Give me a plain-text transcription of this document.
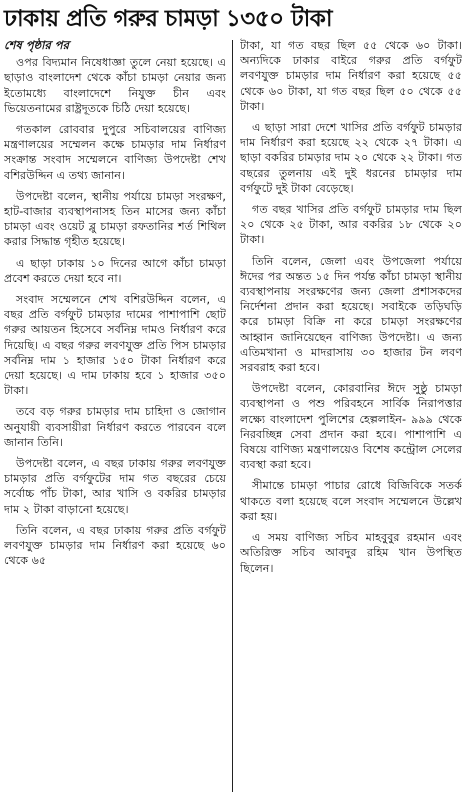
ঢাকায় প্রতি গরুর চামড়া ১৩৫০ টাকা
শেষ পৃষ্ঠার পর

ওপর বিদ্যমান নিষেধাজ্ঞা তুলে নেয়া হয়েছে। এ ছাড়াও বাংলাদেশ থেকে কাঁচা চামড়া নেয়ার জন্য ইতোমধ্যে বাংলাদেশে নিযুক্ত চীন এবং ভিয়েতনামের রাষ্ট্রদূতকে চিঠি দেয়া হয়েছে।

গতকাল রোববার দুপুরে সচিবালয়ের বাণিজ্য মন্ত্রণালয়ের সম্মেলন কক্ষে চামড়ার দাম নির্ধারণ সংক্রান্ত সংবাদ সম্মেলনে বাণিজ্য উপদেষ্টা শেখ বশিরউদ্দিন এ তথ্য জানান।

উপদেষ্টা বলেন, স্থানীয় পর্যায়ে চামড়া সংরক্ষণ, হাট-বাজার ব্যবস্থাপনাসহ তিন মাসের জন্য কাঁচা চামড়া এবং ওয়েট ব্লু চামড়া রফতানির শর্ত শিথিল করার সিদ্ধান্ত গৃহীত হয়েছে।

এ ছাড়া ঢাকায় ১০ দিনের আগে কাঁচা চামড়া প্রবেশ করতে দেয়া হবে না।

সংবাদ সম্মেলনে শেখ বশিরউদ্দিন বলেন, এ বছর প্রতি বর্গফুট চামড়ার দামের পাশাপাশি ছোট গরুর আয়তন হিসেবে সর্বনিম্ন দামও নির্ধারণ করে দিয়েছি। এ বছর গরুর লবণযুক্ত প্রতি পিস চামড়ার সর্বনিম্ন দাম ১ হাজার ১৫০ টাকা নির্ধারণ করে দেয়া হয়েছে। এ দাম ঢাকায় হবে ১ হাজার ৩৫০ টাকা।

তবে বড় গরুর চামড়ার দাম চাহিদা ও জোগান অনুযায়ী ব্যবসায়ীরা নির্ধারণ করতে পারবেন বলে জানান তিনি।

উপদেষ্টা বলেন, এ বছর ঢাকায় গরুর লবণযুক্ত চামড়ার প্রতি বর্গফুটের দাম গত বছরের চেয়ে সর্বোচ্চ পাঁচ টাকা, আর খাসি ও বকরির চামড়ার দাম ২ টাকা বাড়ানো হয়েছে।

তিনি বলেন, এ বছর ঢাকায় গরুর প্রতি বর্গফুট লবণযুক্ত চামড়ার দাম নির্ধারণ করা হয়েছে ৬০ থেকে ৬৫

টাকা, যা গত বছর ছিল ৫৫ থেকে ৬০ টাকা। অন্যদিকে ঢাকার বাইরে গরুর প্রতি বর্গফুট লবণযুক্ত চামড়ার দাম নির্ধারণ করা হয়েছে ৫৫ থেকে ৬০ টাকা, যা গত বছর ছিল ৫০ থেকে ৫৫ টাকা।

এ ছাড়া সারা দেশে খাসির প্রতি বর্গফুট চামড়ার দাম নির্ধারণ করা হয়েছে ২২ থেকে ২৭ টাকা। এ ছাড়া বকরির চামড়ার দাম ২০ থেকে ২২ টাকা। গত বছরের তুলনায় এই দুই ধরনের চামড়ার দাম বর্গফুটে দুই টাকা বেড়েছে।

গত বছর খাসির প্রতি বর্গফুট চামড়ার দাম ছিল ২০ থেকে ২৫ টাকা, আর বকরির ১৮ থেকে ২০ টাকা।

তিনি বলেন, জেলা এবং উপজেলা পর্যায়ে ঈদের পর অন্তত ১৫ দিন পর্যন্ত কাঁচা চামড়া স্থানীয় ব্যবস্থাপনায় সংরক্ষণের জন্য জেলা প্রশাসকদের নির্দেশনা প্রদান করা হয়েছে। সবাইকে তড়িঘড়ি করে চামড়া বিক্রি না করে চামড়া সংরক্ষণের আহ্বান জানিয়েছেন বাণিজ্য উপদেষ্টা। এ জন্য এতিমখানা ও মাদরাসায় ৩০ হাজার টন লবণ সরবরাহ করা হবে।

উপদেষ্টা বলেন, কোরবানির ঈদে সুষ্ঠু চামড়া ব্যবস্থাপনা ও পশু পরিবহনে সার্বিক নিরাপত্তার লক্ষ্যে বাংলাদেশ পুলিশের হেল্পলাইন- ৯৯৯ থেকে নিরবচ্ছিন্ন সেবা প্রদান করা হবে। পাশাপাশি এ বিষয়ে বাণিজ্য মন্ত্রণালয়েও বিশেষ কন্ট্রোল সেলের ব্যবস্থা করা হবে।

সীমান্তে চামড়া পাচার রোধে বিজিবিকে সতর্ক থাকতে বলা হয়েছে বলে সংবাদ সম্মেলনে উল্লেখ করা হয়।

এ সময় বাণিজ্য সচিব মাহবুবুর রহমান এবং অতিরিক্ত সচিব আবদুর রহিম খান উপস্থিত ছিলেন।
